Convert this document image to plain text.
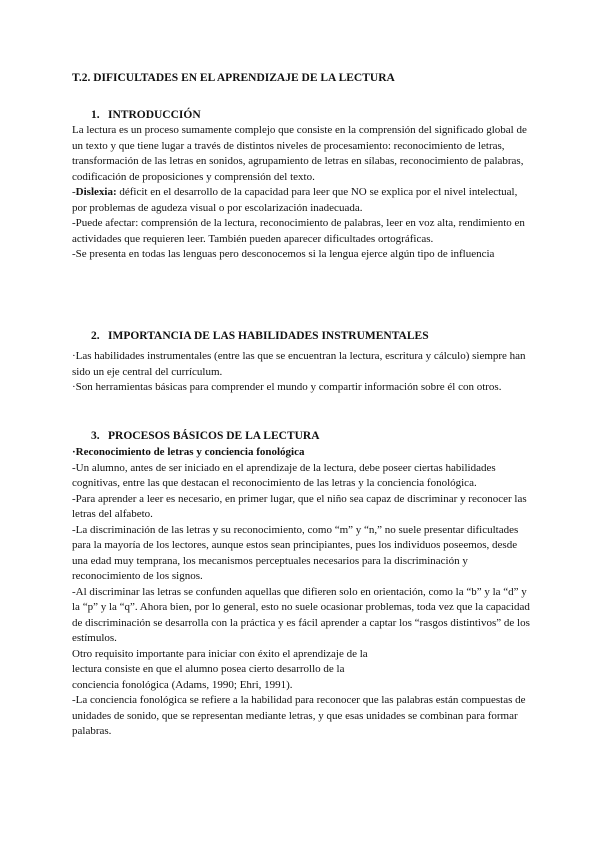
T.2. DIFICULTADES EN EL APRENDIZAJE DE LA LECTURA
1. INTRODUCCIÓN

La lectura es un proceso sumamente complejo que consiste en la comprensión del significado global de un texto y que tiene lugar a través de distintos niveles de procesamiento: reconocimiento de letras, transformación de las letras en sonidos, agrupamiento de letras en sílabas, reconocimiento de palabras, codificación de proposiciones y comprensión del texto.

-Dislexia: déficit en el desarrollo de la capacidad para leer que NO se explica por el nivel intelectual, por problemas de agudeza visual o por escolarización inadecuada.

-Puede afectar: comprensión de la lectura, reconocimiento de palabras, leer en voz alta, rendimiento en actividades que requieren leer. También pueden aparecer dificultades ortográficas.

-Se presenta en todas las lenguas pero desconocemos si la lengua ejerce algún tipo de influencia

2. IMPORTANCIA DE LAS HABILIDADES INSTRUMENTALES

·Las habilidades instrumentales (entre las que se encuentran la lectura, escritura y cálculo) siempre han sido un eje central del currículum.

·Son herramientas básicas para comprender el mundo y compartir información sobre él con otros.

3. PROCESOS BÁSICOS DE LA LECTURA

·Reconocimiento de letras y conciencia fonológica

-Un alumno, antes de ser iniciado en el aprendizaje de la lectura, debe poseer ciertas habilidades cognitivas, entre las que destacan el reconocimiento de las letras y la conciencia fonológica.

-Para aprender a leer es necesario, en primer lugar, que el niño sea capaz de discriminar y reconocer las letras del alfabeto.

-La discriminación de las letras y su reconocimiento, como “m” y “n,” no suele presentar dificultades para la mayoría de los lectores, aunque estos sean principiantes, pues los individuos poseemos, desde una edad muy temprana, los mecanismos perceptuales necesarios para la discriminación y reconocimiento de los signos.

-Al discriminar las letras se confunden aquellas que difieren solo en orientación, como la “b” y la “d” y la “p” y la “q”. Ahora bien, por lo general, esto no suele ocasionar problemas, toda vez que la capacidad de discriminación se desarrolla con la práctica y es fácil aprender a captar los “rasgos distintivos” de los estímulos.

Otro requisito importante para iniciar con éxito el aprendizaje de la

lectura consiste en que el alumno posea cierto desarrollo de la

conciencia fonológica (Adams, 1990; Ehri, 1991).

-La conciencia fonológica se refiere a la habilidad para reconocer que las palabras están compuestas de unidades de sonido, que se representan mediante letras, y que esas unidades se combinan para formar palabras.
